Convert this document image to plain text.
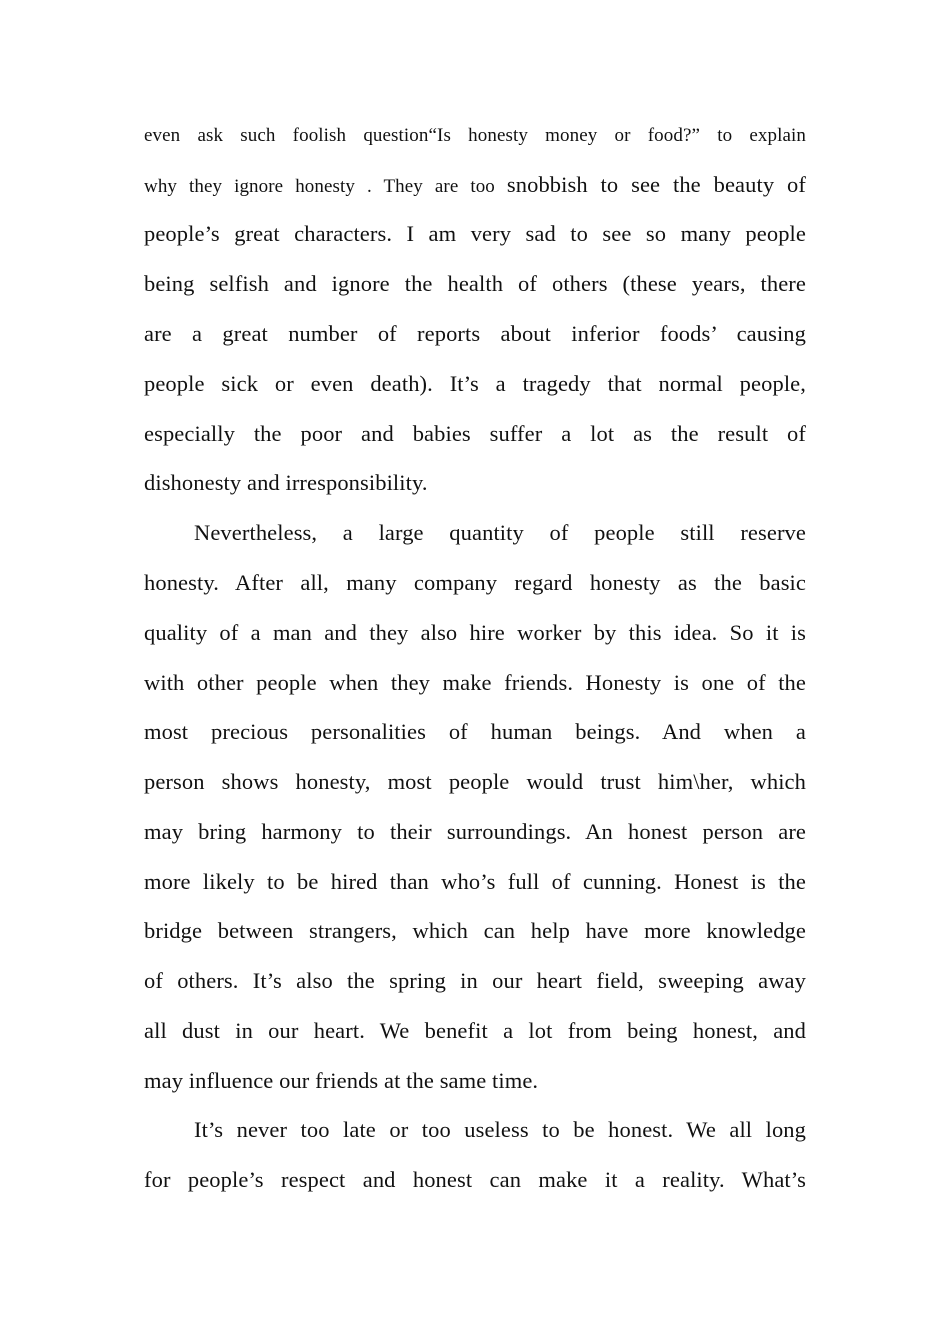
even ask such foolish question“Is honesty money or food?” to explain
why they ignore honesty . They are too snobbish to see the beauty of
people’s great characters. I am very sad to see so many people
being selfish and ignore the health of others (these years, there
are a great number of reports about inferior foods’ causing
people sick or even death). It’s a tragedy that normal people,
especially the poor and babies suffer a lot as the result of
dishonesty and irresponsibility.
Nevertheless, a large quantity of people still reserve
honesty. After all, many company regard honesty as the basic
quality of a man and they also hire worker by this idea. So it is
with other people when they make friends. Honesty is one of the
most precious personalities of human beings. And when a
person shows honesty, most people would trust him\her, which
may bring harmony to their surroundings. An honest person are
more likely to be hired than who’s full of cunning. Honest is the
bridge between strangers, which can help have more knowledge
of others. It’s also the spring in our heart field, sweeping away
all dust in our heart. We benefit a lot from being honest, and
may influence our friends at the same time.
It’s never too late or too useless to be honest. We all long
for people’s respect and honest can make it a reality. What’s
